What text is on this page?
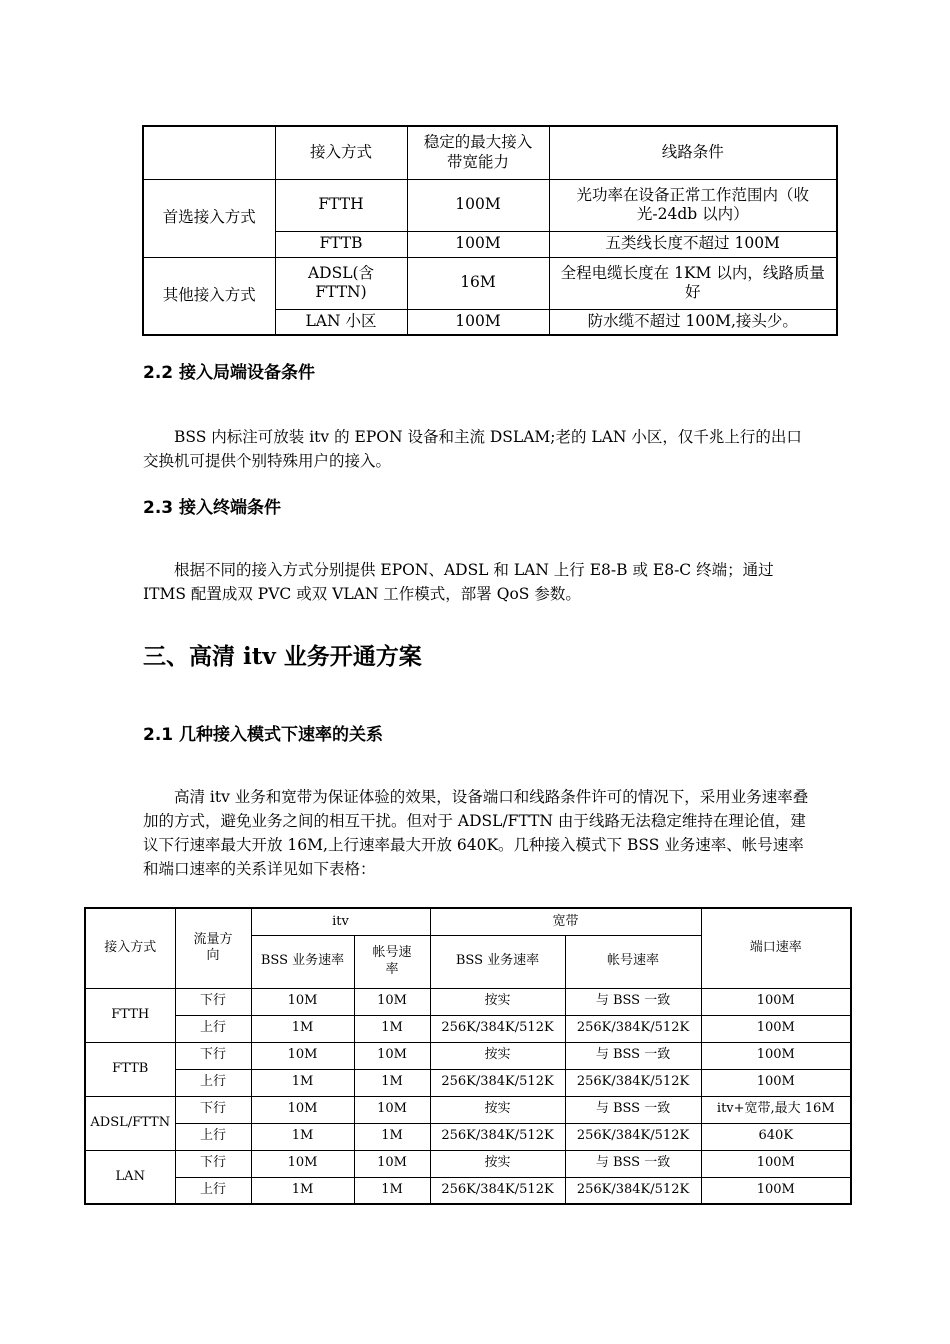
	接入方式	稳定的最大接入带宽能力	线路条件
首选接入方式	FTTH	100M	光功率在设备正常工作范围内（收光-24db 以内）
	FTTB	100M	五类线长度不超过 100M
其他接入方式	ADSL(含FTTN)	16M	全程电缆长度在 1KM 以内，线路质量好
	LAN 小区	100M	防水缆不超过 100M,接头少。
2.2 接入局端设备条件

BSS 内标注可放装 itv 的 EPON 设备和主流 DSLAM;老的 LAN 小区，仅千兆上行的出口交换机可提供个别特殊用户的接入。

2.3 接入终端条件

根据不同的接入方式分别提供 EPON、ADSL 和 LAN 上行 E8-B 或 E8-C 终端；通过 ITMS 配置成双 PVC 或双 VLAN 工作模式，部署 QoS 参数。

三、高清 itv 业务开通方案
2.1 几种接入模式下速率的关系

高清 itv 业务和宽带为保证体验的效果，设备端口和线路条件许可的情况下，采用业务速率叠加的方式，避免业务之间的相互干扰。但对于 ADSL/FTTN 由于线路无法稳定维持在理论值，建议下行速率最大开放 16M,上行速率最大开放 640K。几种接入模式下 BSS 业务速率、帐号速率和端口速率的关系详见如下表格：

接入方式	流量方向	itv		宽带		端口速率
		BSS 业务速率	帐号速率	BSS 业务速率	帐号速率	
FTTH	下行	10M	10M	按实	与 BSS 一致	100M
	上行	1M	1M	256K/384K/512K	256K/384K/512K	100M
FTTB	下行	10M	10M	按实	与 BSS 一致	100M
	上行	1M	1M	256K/384K/512K	256K/384K/512K	100M
ADSL/FTTN	下行	10M	10M	按实	与 BSS 一致	itv+宽带,最大 16M
	上行	1M	1M	256K/384K/512K	256K/384K/512K	640K
LAN	下行	10M	10M	按实	与 BSS 一致	100M
	上行	1M	1M	256K/384K/512K	256K/384K/512K	100M
